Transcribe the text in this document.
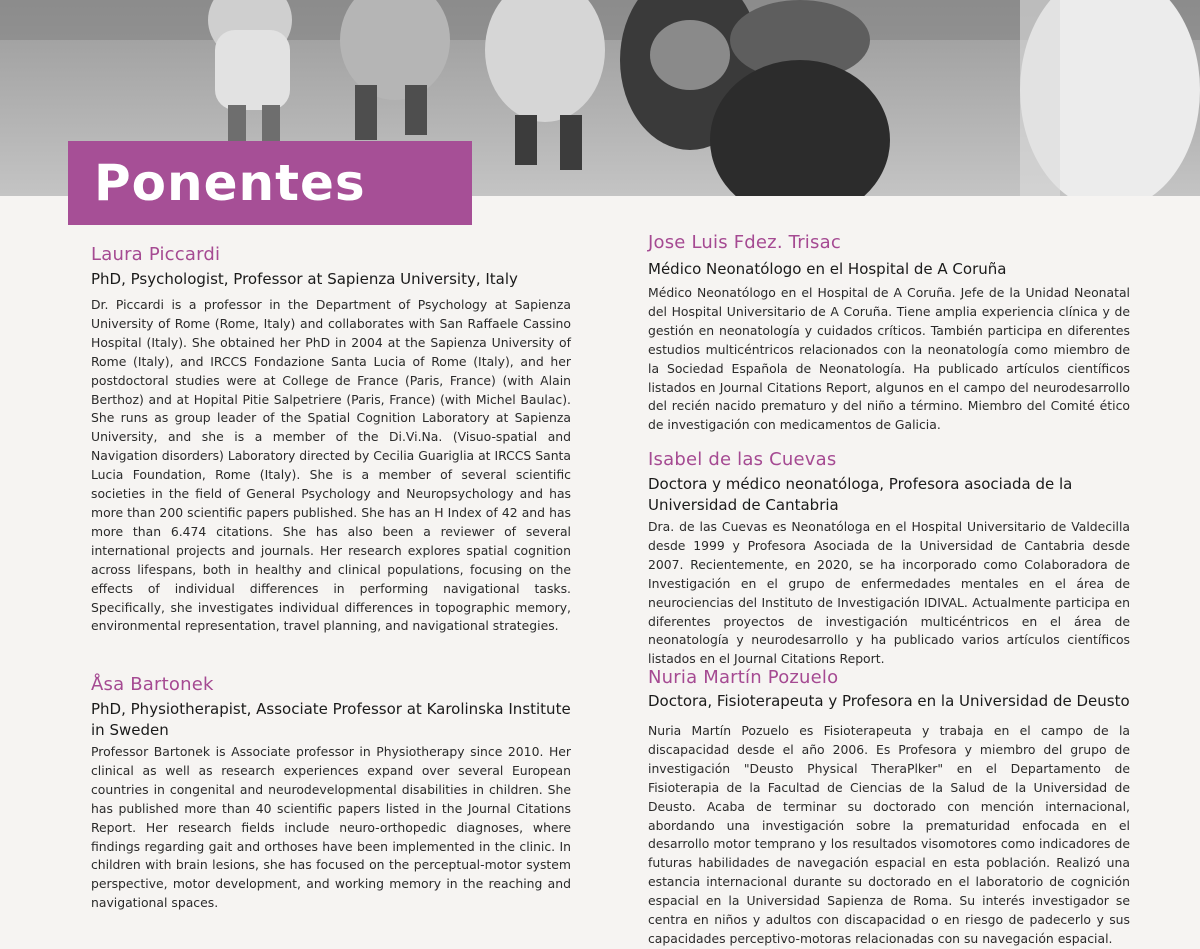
Ponentes
Laura Piccardi
PhD, Psychologist, Professor at Sapienza University, Italy
Dr. Piccardi is a professor in the Department of Psychology at Sapienza University of Rome (Rome, Italy) and collaborates with San Raffaele Cassino Hospital (Italy). She obtained her PhD in 2004 at the Sapienza University of Rome (Italy), and IRCCS Fondazione Santa Lucia of Rome (Italy), and her postdoctoral studies were at College de France (Paris, France) (with Alain Berthoz) and at Hopital Pitie Salpetriere (Paris, France) (with Michel Baulac). She runs as group leader of the Spatial Cognition Laboratory at Sapienza University, and she is a member of the Di.Vi.Na. (Visuo-spatial and Navigation disorders) Laboratory directed by Cecilia Guariglia at IRCCS Santa Lucia Foundation, Rome (Italy). She is a member of several scientific societies in the field of General Psychology and Neuropsychology and has more than 200 scientific papers published. She has an H Index of 42 and has more than 6.474 citations. She has also been a reviewer of several international projects and journals. Her research explores spatial cognition across lifespans, both in healthy and clinical populations, focusing on the effects of individual differences in performing navigational tasks. Specifically, she investigates individual differences in topographic memory, environmental representation, travel planning, and navigational strategies.
Åsa Bartonek
PhD, Physiotherapist, Associate Professor at Karolinska Institute in Sweden
Professor Bartonek is Associate professor in Physiotherapy since 2010. Her clinical as well as research experiences expand over several European countries in congenital and neurodevelopmental disabilities in children. She has published more than 40 scientific papers listed in the Journal Citations Report. Her research fields include neuro-orthopedic diagnoses, where findings regarding gait and orthoses have been implemented in the clinic. In children with brain lesions, she has focused on the perceptual-motor system perspective, motor development, and working memory in the reaching and navigational spaces.
Jose Luis Fdez. Trisac
Médico Neonatólogo en el Hospital de A Coruña
Médico Neonatólogo en el Hospital de A Coruña. Jefe de la Unidad Neonatal del Hospital Universitario de A Coruña. Tiene amplia experiencia clínica y de gestión en neonatología y cuidados críticos. También participa en diferentes estudios multicéntricos relacionados con la neonatología como miembro de la Sociedad Española de Neonatología. Ha publicado artículos científicos listados en Journal Citations Report, algunos en el campo del neurodesarrollo del recién nacido prematuro y del niño a término. Miembro del Comité ético de investigación con medicamentos de Galicia.
Isabel de las Cuevas
Doctora y médico neonatóloga, Profesora asociada de la Universidad de Cantabria
Dra. de las Cuevas es Neonatóloga en el Hospital Universitario de Valdecilla desde 1999 y Profesora Asociada de la Universidad de Cantabria desde 2007. Recientemente, en 2020, se ha incorporado como Colaboradora de Investigación en el grupo de enfermedades mentales en el área de neurociencias del Instituto de Investigación IDIVAL. Actualmente participa en diferentes proyectos de investigación multicéntricos en el área de neonatología y neurodesarrollo y ha publicado varios artículos científicos listados en el Journal Citations Report.
Nuria Martín Pozuelo
Doctora, Fisioterapeuta y Profesora en la Universidad de Deusto
Nuria Martín Pozuelo es Fisioterapeuta y trabaja en el campo de la discapacidad desde el año 2006. Es Profesora y miembro del grupo de investigación "Deusto Physical TheraPlker" en el Departamento de Fisioterapia de la Facultad de Ciencias de la Salud de la Universidad de Deusto. Acaba de terminar su doctorado con mención internacional, abordando una investigación sobre la prematuridad enfocada en el desarrollo motor temprano y los resultados visomotores como indicadores de futuras habilidades de navegación espacial en esta población. Realizó una estancia internacional durante su doctorado en el laboratorio de cognición espacial en la Universidad Sapienza de Roma. Su interés investigador se centra en niños y adultos con discapacidad o en riesgo de padecerlo y sus capacidades perceptivo-motoras relacionadas con su navegación espacial.
